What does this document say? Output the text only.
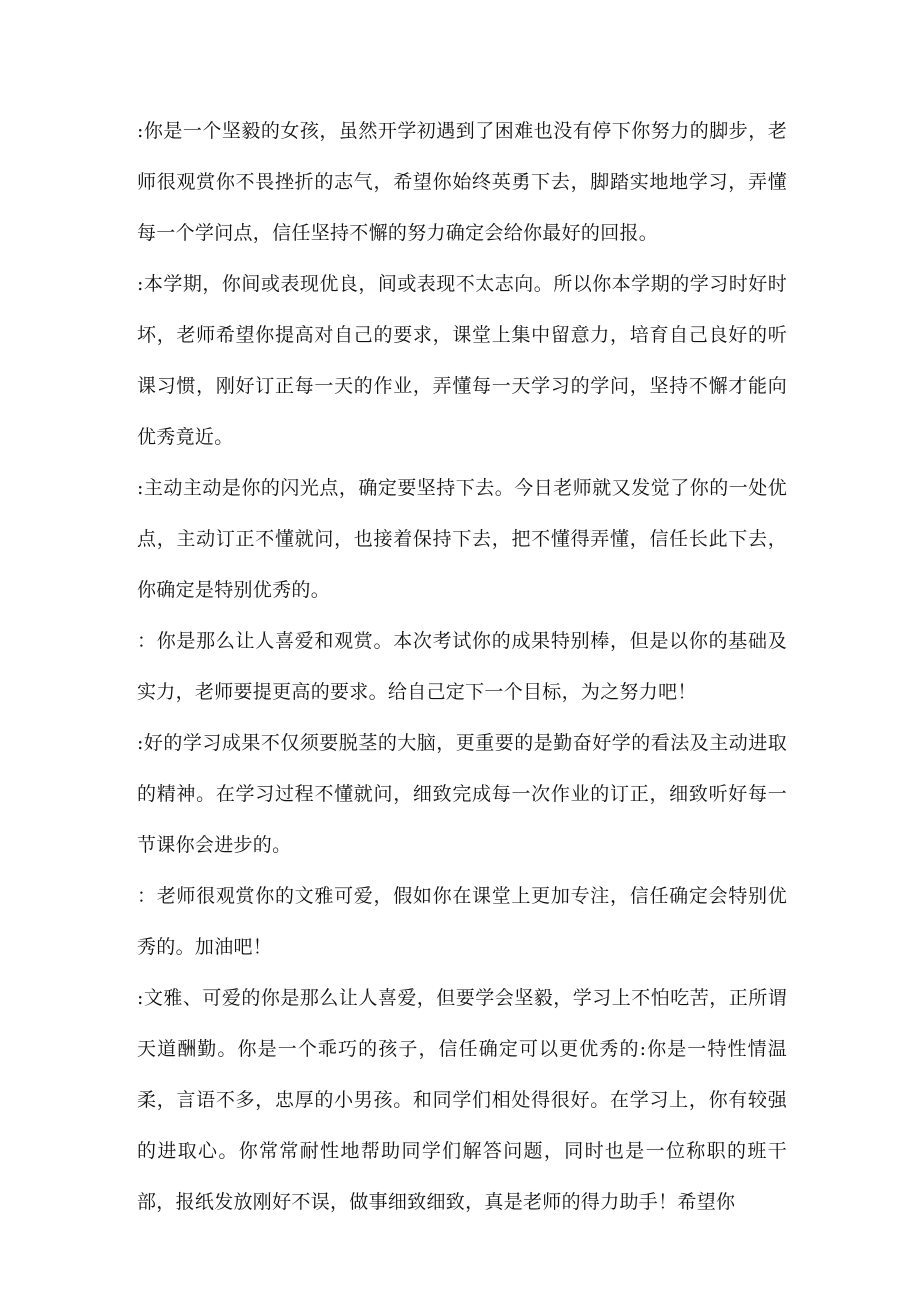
:你是一个坚毅的女孩，虽然开学初遇到了困难也没有停下你努力的脚步，老师很观赏你不畏挫折的志气，希望你始终英勇下去，脚踏实地地学习，弄懂每一个学问点，信任坚持不懈的努力确定会给你最好的回报。

:本学期，你间或表现优良，间或表现不太志向。所以你本学期的学习时好时坏，老师希望你提高对自己的要求，课堂上集中留意力，培育自己良好的听课习惯，刚好订正每一天的作业，弄懂每一天学习的学问，坚持不懈才能向优秀竟近。

:主动主动是你的闪光点，确定要坚持下去。今日老师就又发觉了你的一处优点，主动订正不懂就问，也接着保持下去，把不懂得弄懂，信任长此下去，你确定是特别优秀的。

：你是那么让人喜爱和观赏。本次考试你的成果特别棒，但是以你的基础及实力，老师要提更高的要求。给自己定下一个目标，为之努力吧！

:好的学习成果不仅须要脱茎的大脑，更重要的是勤奋好学的看法及主动进取的精神。在学习过程不懂就问，细致完成每一次作业的订正，细致听好每一节课你会进步的。

：老师很观赏你的文雅可爱，假如你在课堂上更加专注，信任确定会特别优秀的。加油吧！

:文雅、可爱的你是那么让人喜爱，但要学会坚毅，学习上不怕吃苦，正所谓天道酬勤。你是一个乖巧的孩子，信任确定可以更优秀的:你是一特性情温柔，言语不多，忠厚的小男孩。和同学们相处得很好。在学习上，你有较强的进取心。你常常耐性地帮助同学们解答问题，同时也是一位称职的班干部，报纸发放刚好不误，做事细致细致，真是老师的得力助手！希望你
